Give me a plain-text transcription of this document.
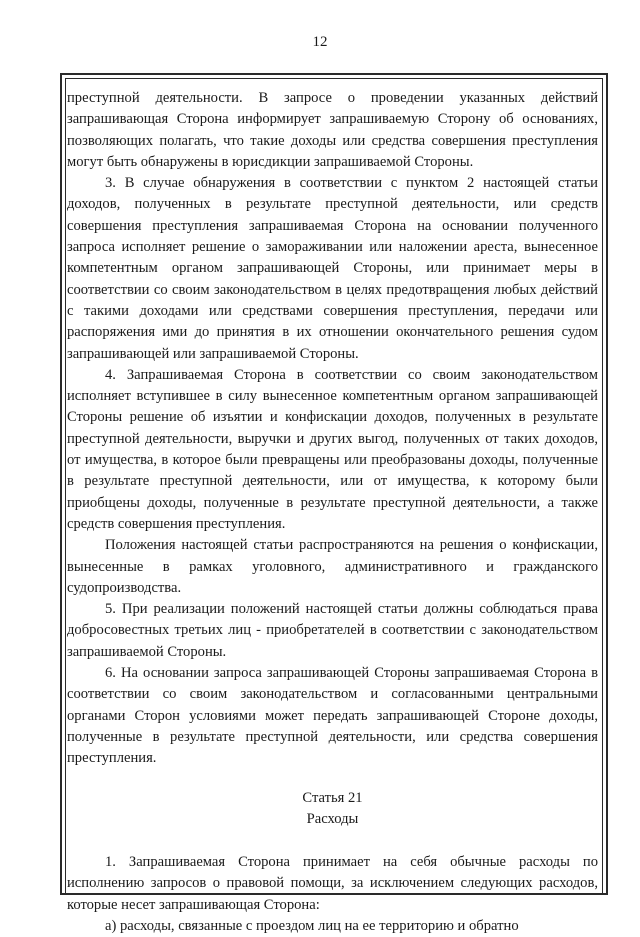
12

преступной деятельности. В запросе о проведении указанных действий запрашивающая Сторона информирует запрашиваемую Сторону об основаниях, позволяющих полагать, что такие доходы или средства совершения преступления могут быть обнаружены в юрисдикции запрашиваемой Стороны.

3. В случае обнаружения в соответствии с пунктом 2 настоящей статьи доходов, полученных в результате преступной деятельности, или средств совершения преступления запрашиваемая Сторона на основании полученного запроса исполняет решение о замораживании или наложении ареста, вынесенное компетентным органом запрашивающей Стороны, или принимает меры в соответствии со своим законодательством в целях предотвращения любых действий с такими доходами или средствами совершения преступления, передачи или распоряжения ими до принятия в их отношении окончательного решения судом запрашивающей или запрашиваемой Стороны.

4. Запрашиваемая Сторона в соответствии со своим законодательством исполняет вступившее в силу вынесенное компетентным органом запрашивающей Стороны решение об изъятии и конфискации доходов, полученных в результате преступной деятельности, выручки и других выгод, полученных от таких доходов, от имущества, в которое были превращены или преобразованы доходы, полученные в результате преступной деятельности, или от имущества, к которому были приобщены доходы, полученные в результате преступной деятельности, а также средств совершения преступления.

Положения настоящей статьи распространяются на решения о конфискации, вынесенные в рамках уголовного, административного и гражданского судопроизводства.

5. При реализации положений настоящей статьи должны соблюдаться права добросовестных третьих лиц - приобретателей в соответствии с законодательством запрашиваемой Стороны.

6. На основании запроса запрашивающей Стороны запрашиваемая Сторона в соответствии со своим законодательством и согласованными центральными органами Сторон условиями может передать запрашивающей Стороне доходы, полученные в результате преступной деятельности, или средства совершения преступления.

Статья 21
Расходы

1. Запрашиваемая Сторона принимает на себя обычные расходы по исполнению запросов о правовой помощи, за исключением следующих расходов, которые несет запрашивающая Сторона:

а) расходы, связанные с проездом лиц на ее территорию и обратно
